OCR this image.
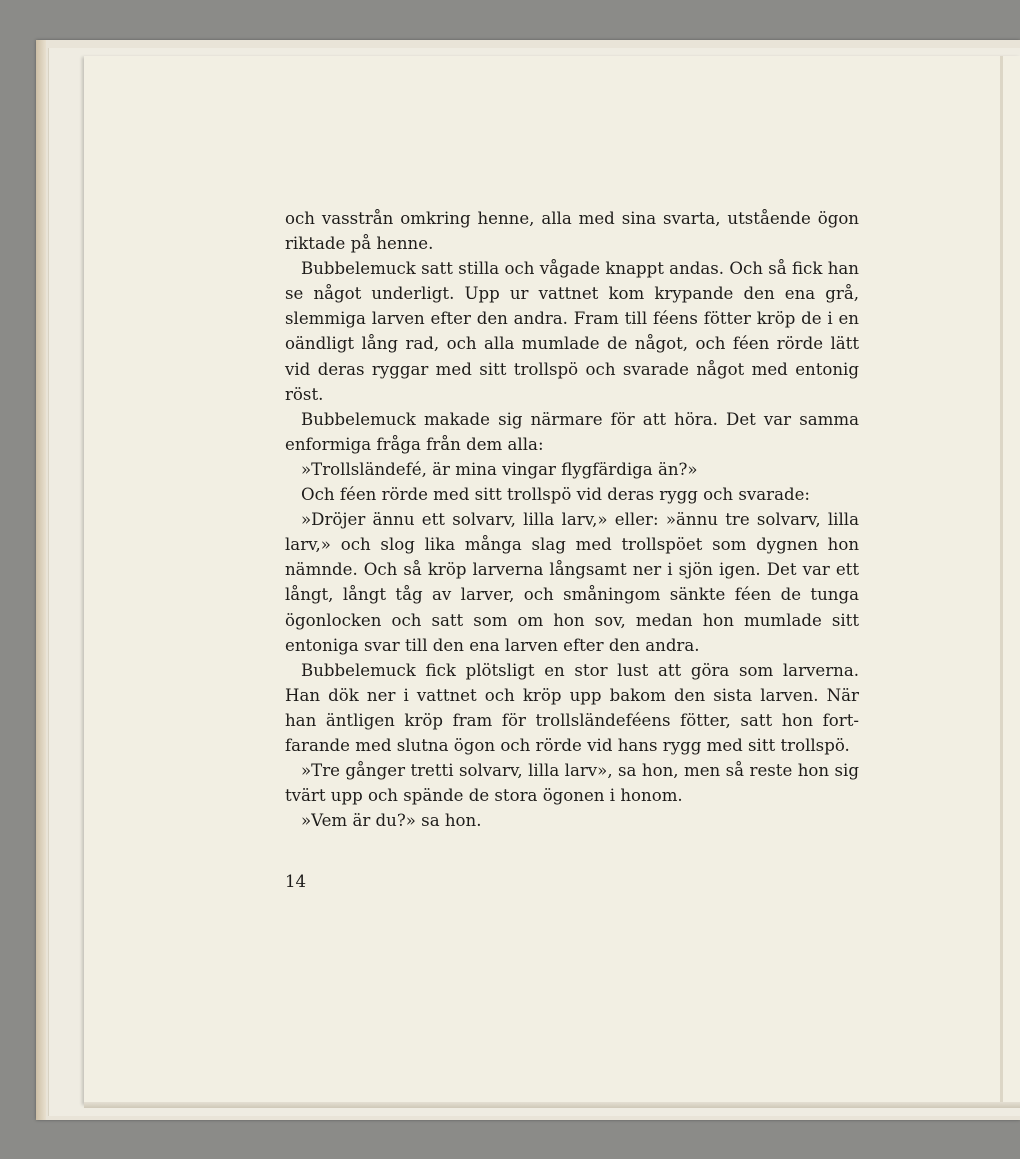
och vasstrån omkring henne, alla med sina svarta, utstående ögon riktade på henne.

Bubbelemuck satt stilla och vågade knappt andas. Och så fick han se något underligt. Upp ur vattnet kom krypande den ena grå, slemmiga larven efter den andra. Fram till féens fötter kröp de i en oändligt lång rad, och alla mumlade de något, och féen rörde lätt vid deras ryggar med sitt trollspö och svarade något med entonig röst.

Bubbelemuck makade sig närmare för att höra. Det var samma enformiga fråga från dem alla:

»Trollsländefé, är mina vingar flygfärdiga än?»

Och féen rörde med sitt trollspö vid deras rygg och svarade:

»Dröjer ännu ett solvarv, lilla larv,» eller: »ännu tre solvarv, lilla larv,» och slog lika många slag med trollspöet som dygnen hon nämnde. Och så kröp larverna långsamt ner i sjön igen. Det var ett långt, långt tåg av larver, och småningom sänkte féen de tunga ögonlocken och satt som om hon sov, medan hon mumlade sitt entoniga svar till den ena larven efter den andra.

Bubbelemuck fick plötsligt en stor lust att göra som larverna. Han dök ner i vattnet och kröp upp bakom den sista larven. När han äntligen kröp fram för trollsländeféens fötter, satt hon fortfarande med slutna ögon och rörde vid hans rygg med sitt trollspö.

»Tre gånger tretti solvarv, lilla larv», sa hon, men så reste hon sig tvärt upp och spände de stora ögonen i honom.

»Vem är du?» sa hon.

14
